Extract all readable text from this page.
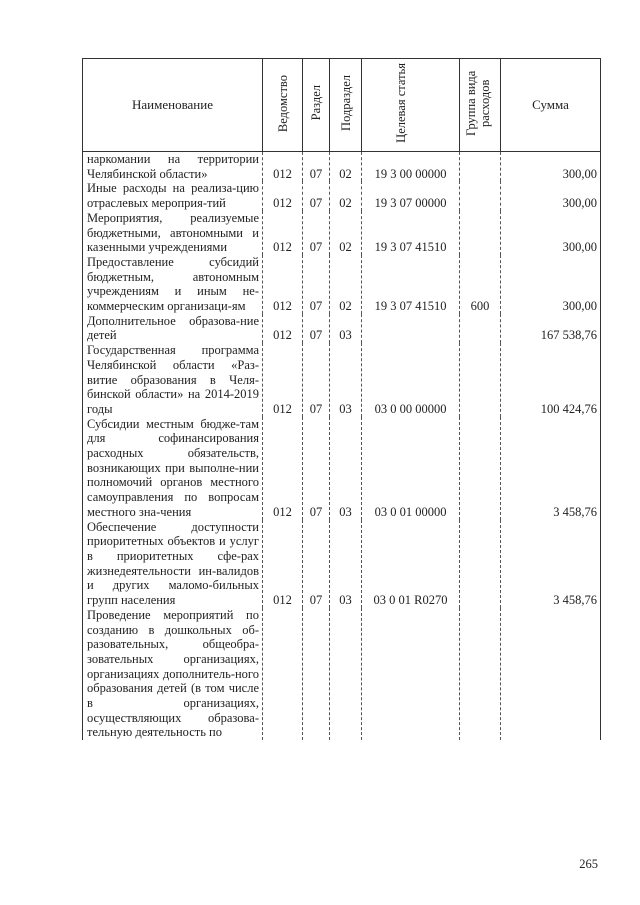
Наименование	Ведомство	Раздел	Подраздел	Целевая статья	Группа вида расходов	Сумма
наркомании на территории Челябинской области»	012	07	02	19 3 00 00000		300,00
Иные расходы на реализа-цию отраслевых мероприя-тий	012	07	02	19 3 07 00000		300,00
Мероприятия, реализуемые бюджетными, автономными и казенными учреждениями	012	07	02	19 3 07 41510		300,00
Предоставление субсидий бюджетным, автономным учреждениям и иным не-коммерческим организаци-ям	012	07	02	19 3 07 41510	600	300,00
Дополнительное образова-ние детей	012	07	03			167 538,76
Государственная программа Челябинской области «Раз-витие образования в Челя-бинской области» на 2014-2019 годы	012	07	03	03 0 00 00000		100 424,76
Субсидии местным бюдже-там для софинансирования расходных обязательств, возникающих при выполне-нии полномочий органов местного самоуправления по вопросам местного зна-чения	012	07	03	03 0 01 00000		3 458,76
Обеспечение доступности приоритетных объектов и услуг в приоритетных сфе-рах жизнедеятельности ин-валидов и других маломо-бильных групп населения	012	07	03	03 0 01 R0270		3 458,76
Проведение мероприятий по созданию в дошкольных об-разовательных, общеобра-зовательных организациях, организациях дополнитель-ного образования детей (в том числе в организациях, осуществляющих образова-тельную деятельность по						
265
